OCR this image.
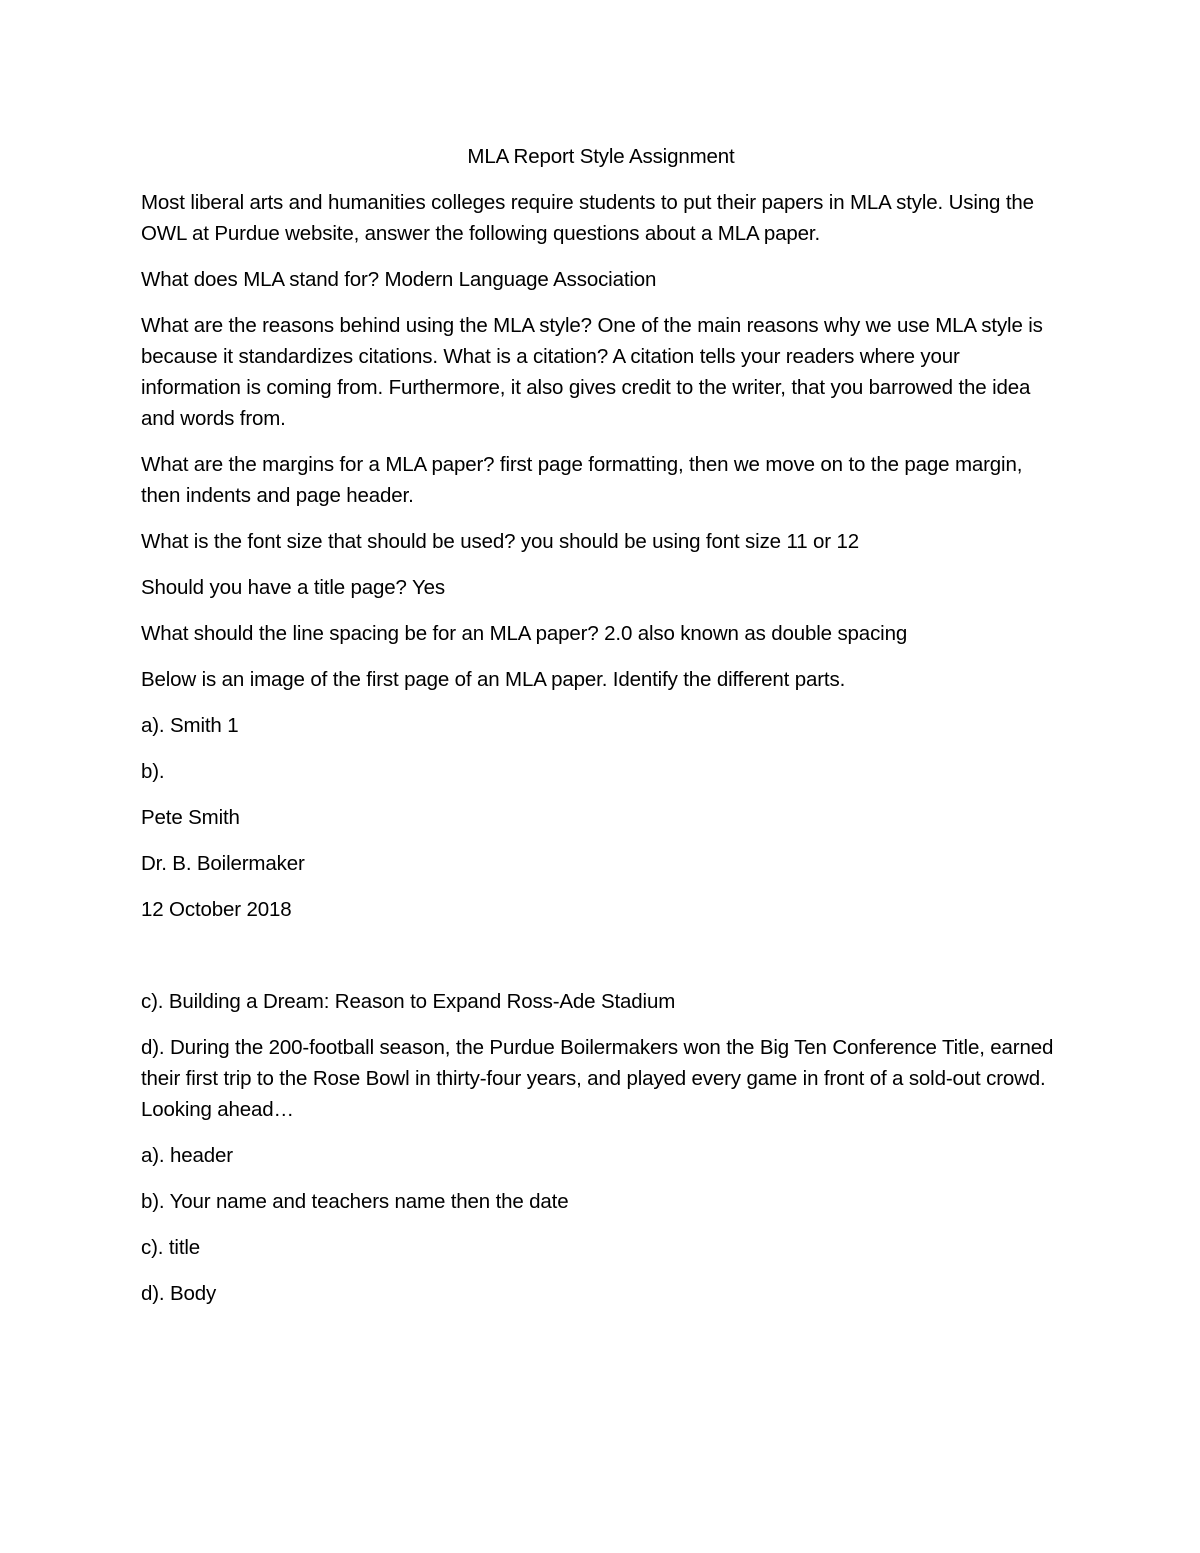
MLA Report Style Assignment

Most liberal arts and humanities colleges require students to put their papers in MLA style. Using the OWL at Purdue website, answer the following questions about a MLA paper.

What does MLA stand for? Modern Language Association

What are the reasons behind using the MLA style? One of the main reasons why we use MLA style is because it standardizes citations. What is a citation? A citation tells your readers where your information is coming from. Furthermore, it also gives credit to the writer, that you barrowed the idea and words from.

What are the margins for a MLA paper? first page formatting, then we move on to the page margin, then indents and page header.

What is the font size that should be used? you should be using font size 11 or 12

Should you have a title page? Yes

What should the line spacing be for an MLA paper? 2.0 also known as double spacing

Below is an image of the first page of an MLA paper. Identify the different parts.

a). Smith 1

b).

Pete Smith

Dr. B. Boilermaker

12 October 2018

c). Building a Dream: Reason to Expand Ross-Ade Stadium

d). During the 200-football season, the Purdue Boilermakers won the Big Ten Conference Title, earned their first trip to the Rose Bowl in thirty-four years, and played every game in front of a sold-out crowd. Looking ahead…

a). header

b). Your name and teachers name then the date

c). title

d). Body
